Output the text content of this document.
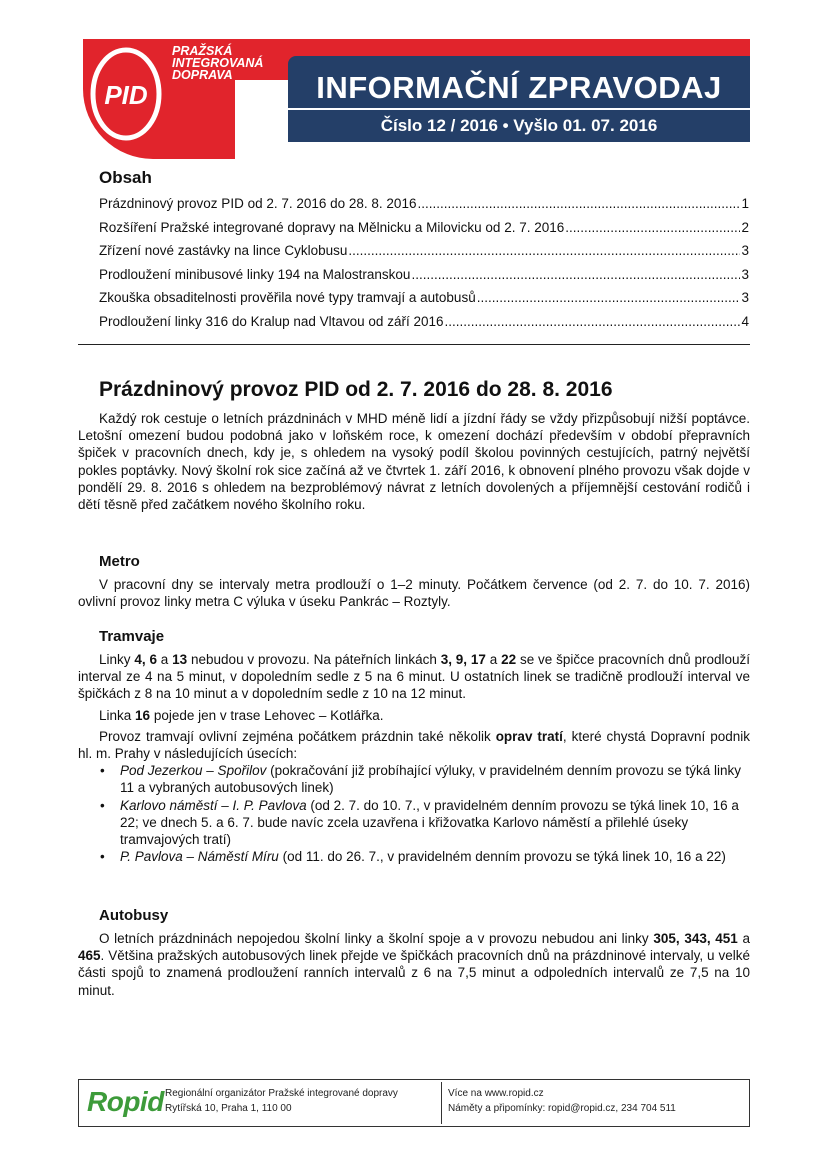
PID
PRAŽSKÁ
INTEGROVANÁ
DOPRAVA	INFORMAČNÍ ZPRAVODAJ
Číslo 12 / 2016 • Vyšlo 01. 07. 2016
Obsah
Prázdninový provoz PID od 2. 7. 2016 do 28. 8. 2016 .....	1
Rozšíření Pražské integrované dopravy na Mělnicku a Milovicku od 2. 7. 2016 .....	2
Zřízení nové zastávky na lince Cyklobusu .....	3
Prodloužení minibusové linky 194 na Malostranskou .....	3
Zkouška obsaditelnosti prověřila nové typy tramvají a autobusů .....	3
Prodloužení linky 316 do Kralup nad Vltavou od září 2016 .....	4
Prázdninový provoz PID od 2. 7. 2016 do 28. 8. 2016

Každý rok cestuje o letních prázdninách v MHD méně lidí a jízdní řády se vždy přizpůsobují nižší poptávce. Letošní omezení budou podobná jako v loňském roce, k omezení dochází především v období přepravních špiček v pracovních dnech, kdy je, s ohledem na vysoký podíl školou povinných cestujících, patrný největší pokles poptávky. Nový školní rok sice začíná až ve čtvrtek 1. září 2016, k obnovení plného provozu však dojde v pondělí 29. 8. 2016 s ohledem na bezproblémový návrat z letních dovolených a příjemnější cestování rodičů i dětí těsně před začátkem nového školního roku.

Metro

V pracovní dny se intervaly metra prodlouží o 1–2 minuty. Počátkem července (od 2. 7. do 10. 7. 2016) ovlivní provoz linky metra C výluka v úseku Pankrác – Roztyly.

Tramvaje

Linky 4, 6 a 13 nebudou v provozu. Na páteřních linkách 3, 9, 17 a 22 se ve špičce pracovních dnů prodlouží interval ze 4 na 5 minut, v dopoledním sedle z 5 na 6 minut. U ostatních linek se tradičně prodlouží interval ve špičkách z 8 na 10 minut a v dopoledním sedle z 10 na 12 minut.

Linka 16 pojede jen v trase Lehovec – Kotlářka.

Provoz tramvají ovlivní zejména počátkem prázdnin také několik oprav tratí, které chystá Dopravní podnik hl. m. Prahy v následujících úsecích:

• Pod Jezerkou – Spořilov (pokračování již probíhající výluky, v pravidelném denním provozu se týká linky 11 a vybraných autobusových linek)
• Karlovo náměstí – I. P. Pavlova (od 2. 7. do 10. 7., v pravidelném denním provozu se týká linek 10, 16 a 22; ve dnech 5. a 6. 7. bude navíc zcela uzavřena i křižovatka Karlovo náměstí a přilehlé úseky tramvajových tratí)
• P. Pavlova – Náměstí Míru (od 11. do 26. 7., v pravidelném denním provozu se týká linek 10, 16 a 22)
Autobusy

O letních prázdninách nepojedou školní linky a školní spoje a v provozu nebudou ani linky 305, 343, 451 a 465. Většina pražských autobusových linek přejde ve špičkách pracovních dnů na prázdninové intervaly, u velké části spojů to znamená prodloužení ranních intervalů z 6 na 7,5 minut a odpoledních intervalů ze 7,5 na 10 minut.

Ropid Regionální organizátor Pražské integrované dopravy
Rytířská 10, Praha 1, 110 00
Více na www.ropid.cz
Náměty a připomínky: ropid@ropid.cz, 234 704 511
